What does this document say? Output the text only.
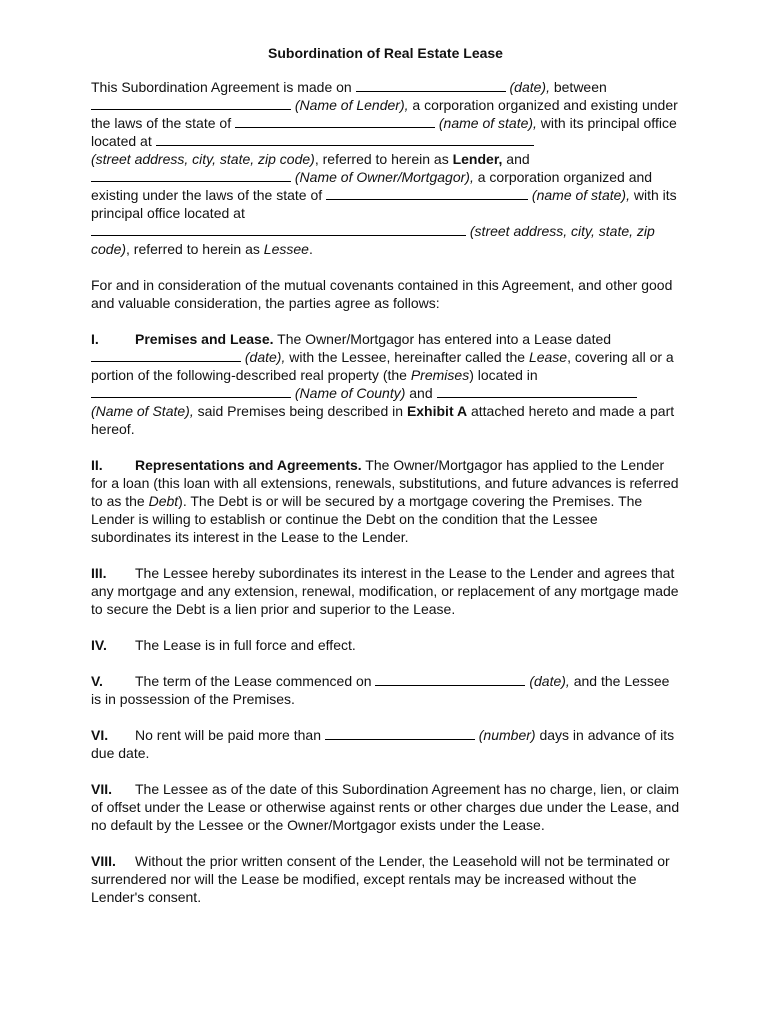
Subordination of Real Estate Lease

This Subordination Agreement is made on	(date), between
(Name of Lender), a corporation organized and existing under the laws of the state of	(name of state), with its principal office located at
(street address, city, state, zip code), referred to herein as Lender, and
(Name of Owner/Mortgagor), a corporation organized and existing under the laws of the state of	(name of state), with its principal office located at
(street address, city, state, zip code), referred to herein as Lessee.

For and in consideration of the mutual covenants contained in this Agreement, and other good and valuable consideration, the parties agree as follows:

I.	Premises and Lease. The Owner/Mortgagor has entered into a Lease dated
(date), with the Lessee, hereinafter called the Lease, covering all or a portion of the following-described real property (the Premises) located in
(Name of County) and
(Name of State), said Premises being described in Exhibit A attached hereto and made a part hereof.

II. Representations and Agreements. The Owner/Mortgagor has applied to the Lender for a loan (this loan with all extensions, renewals, substitutions, and future advances is referred to as the Debt). The Debt is or will be secured by a mortgage covering the Premises. The Lender is willing to establish or continue the Debt on the condition that the Lessee subordinates its interest in the Lease to the Lender.

III. The Lessee hereby subordinates its interest in the Lease to the Lender and agrees that any mortgage and any extension, renewal, modification, or replacement of any mortgage made to secure the Debt is a lien prior and superior to the Lease.

IV. The Lease is in full force and effect.

V. The term of the Lease commenced on	(date), and the Lessee is in possession of the Premises.

VI. No rent will be paid more than	(number) days in advance of its due date.

VII. The Lessee as of the date of this Subordination Agreement has no charge, lien, or claim of offset under the Lease or otherwise against rents or other charges due under the Lease, and no default by the Lessee or the Owner/Mortgagor exists under the Lease.

VIII. Without the prior written consent of the Lender, the Leasehold will not be terminated or surrendered nor will the Lease be modified, except rentals may be increased without the Lender's consent.
